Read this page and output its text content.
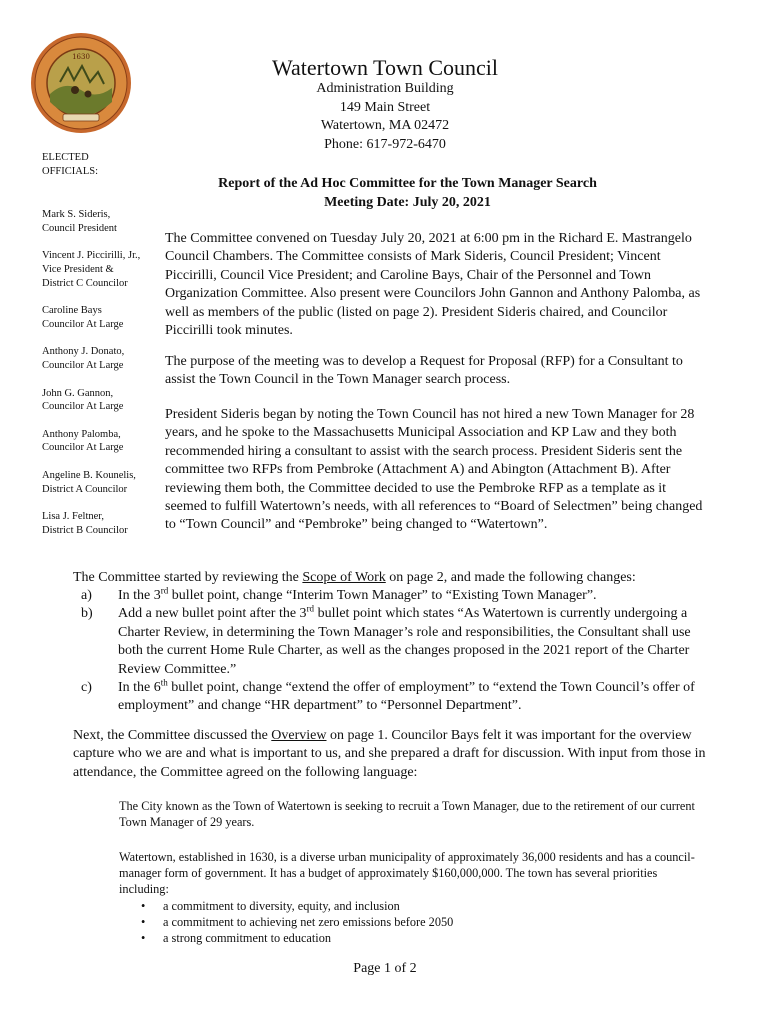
1630	Watertown Town Council
Administration Building
149 Main Street
Watertown, MA 02472
Phone: 617-972-6470
ELECTED
OFFICIALS:
Mark S. Sideris,
Council President
Vincent J. Piccirilli, Jr.,
Vice President &
District C Councilor
Caroline Bays
Councilor At Large
Anthony J. Donato,
Councilor At Large
John G. Gannon,
Councilor At Large
Anthony Palomba,
Councilor At Large
Angeline B. Kounelis,
District A Councilor
Lisa J. Feltner,
District B Councilor
Report of the Ad Hoc Committee for the Town Manager Search
Meeting Date: July 20, 2021
The Committee convened on Tuesday July 20, 2021 at 6:00 pm in the Richard E. Mastrangelo Council Chambers. The Committee consists of Mark Sideris, Council President; Vincent Piccirilli, Council Vice President; and Caroline Bays, Chair of the Personnel and Town Organization Committee. Also present were Councilors John Gannon and Anthony Palomba, as well as members of the public (listed on page 2). President Sideris chaired, and Councilor Piccirilli took minutes.
The purpose of the meeting was to develop a Request for Proposal (RFP) for a Consultant to assist the Town Council in the Town Manager search process.
President Sideris began by noting the Town Council has not hired a new Town Manager for 28 years, and he spoke to the Massachusetts Municipal Association and KP Law and they both recommended hiring a consultant to assist with the search process. President Sideris sent the committee two RFPs from Pembroke (Attachment A) and Abington (Attachment B). After reviewing them both, the Committee decided to use the Pembroke RFP as a template as it seemed to fulfill Watertown’s needs, with all references to “Board of Selectmen” being changed to “Town Council” and “Pembroke” being changed to “Watertown”.
The Committee started by reviewing the Scope of Work on page 2, and made the following changes:
a)	In the 3rd bullet point, change “Interim Town Manager” to “Existing Town Manager”.
b)	Add a new bullet point after the 3rd bullet point which states “As Watertown is currently undergoing a Charter Review, in determining the Town Manager’s role and responsibilities, the Consultant shall use both the current Home Rule Charter, as well as the changes proposed in the 2021 report of the Charter Review Committee.”
c)	In the 6th bullet point, change “extend the offer of employment” to “extend the Town Council’s offer of employment” and change “HR department” to “Personnel Department”.
Next, the Committee discussed the Overview on page 1. Councilor Bays felt it was important for the overview capture who we are and what is important to us, and she prepared a draft for discussion. With input from those in attendance, the Committee agreed on the following language:
The City known as the Town of Watertown is seeking to recruit a Town Manager, due to the retirement of our current Town Manager of 29 years.
Watertown, established in 1630, is a diverse urban municipality of approximately 36,000 residents and has a council-manager form of government. It has a budget of approximately $160,000,000. The town has several priorities including:
•	a commitment to diversity, equity, and inclusion
•	a commitment to achieving net zero emissions before 2050
•	a strong commitment to education
Page 1 of 2
